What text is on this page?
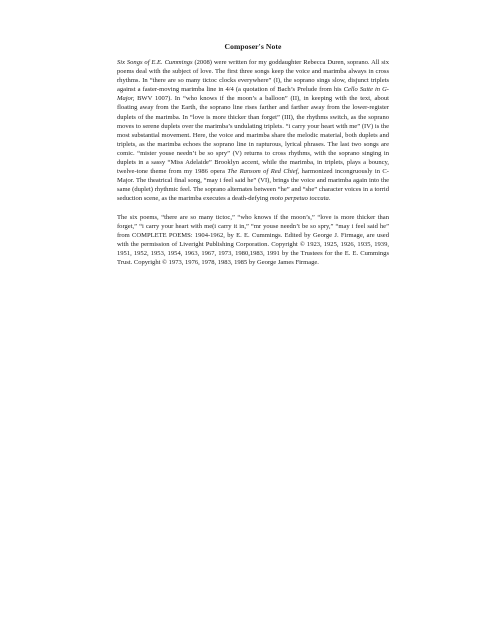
Composer's Note

Six Songs of E.E. Cummings (2008) were written for my goddaughter Rebecca Duren, soprano. All six poems deal with the subject of love. The first three songs keep the voice and marimba always in cross rhythms. In “there are so many tictoc clocks everywhere” (I), the soprano sings slow, disjunct triplets against a faster-moving marimba line in 4/4 (a quotation of Bach’s Prelude from his Cello Suite in G-Major, BWV 1007). In “who knows if the moon’s a balloon” (II), in keeping with the text, about floating away from the Earth, the soprano line rises farther and farther away from the lower-register duplets of the marimba. In “love is more thicker than forget” (III), the rhythms switch, as the soprano moves to serene duplets over the marimba’s undulating triplets. “i carry your heart with me” (IV) is the most substantial movement. Here, the voice and marimba share the melodic material, both duplets and triplets, as the marimba echoes the soprano line in rapturous, lyrical phrases. The last two songs are comic. “mister youse needn’t be so spry” (V) returns to cross rhythms, with the soprano singing in duplets in a sassy “Miss Adelaide” Brooklyn accent, while the marimba, in triplets, plays a bouncy, twelve-tone theme from my 1986 opera The Ransom of Red Chief, harmonized incongruously in C-Major. The theatrical final song, “may i feel said he” (VI), brings the voice and marimba again into the same (duplet) rhythmic feel. The soprano alternates between “he” and “she” character voices in a torrid seduction scene, as the marimba executes a death-defying moto perpetuo toccata.

The six poems, “there are so many tictoc,” “who knows if the moon’s,” “love is more thicker than forget,” “i carry your heart with me(i carry it in,” “mr youse needn’t be so spry,” “may i feel said he” from COMPLETE POEMS: 1904-1962, by E. E. Cummings. Edited by George J. Firmage, are used with the permission of Liveright Publishing Corporation. Copyright © 1923, 1925, 1926, 1935, 1939, 1951, 1952, 1953, 1954, 1963, 1967, 1973, 1980,1983, 1991 by the Trustees for the E. E. Cummings Trust. Copyright © 1973, 1976, 1978, 1983, 1985 by George James Firmage.
